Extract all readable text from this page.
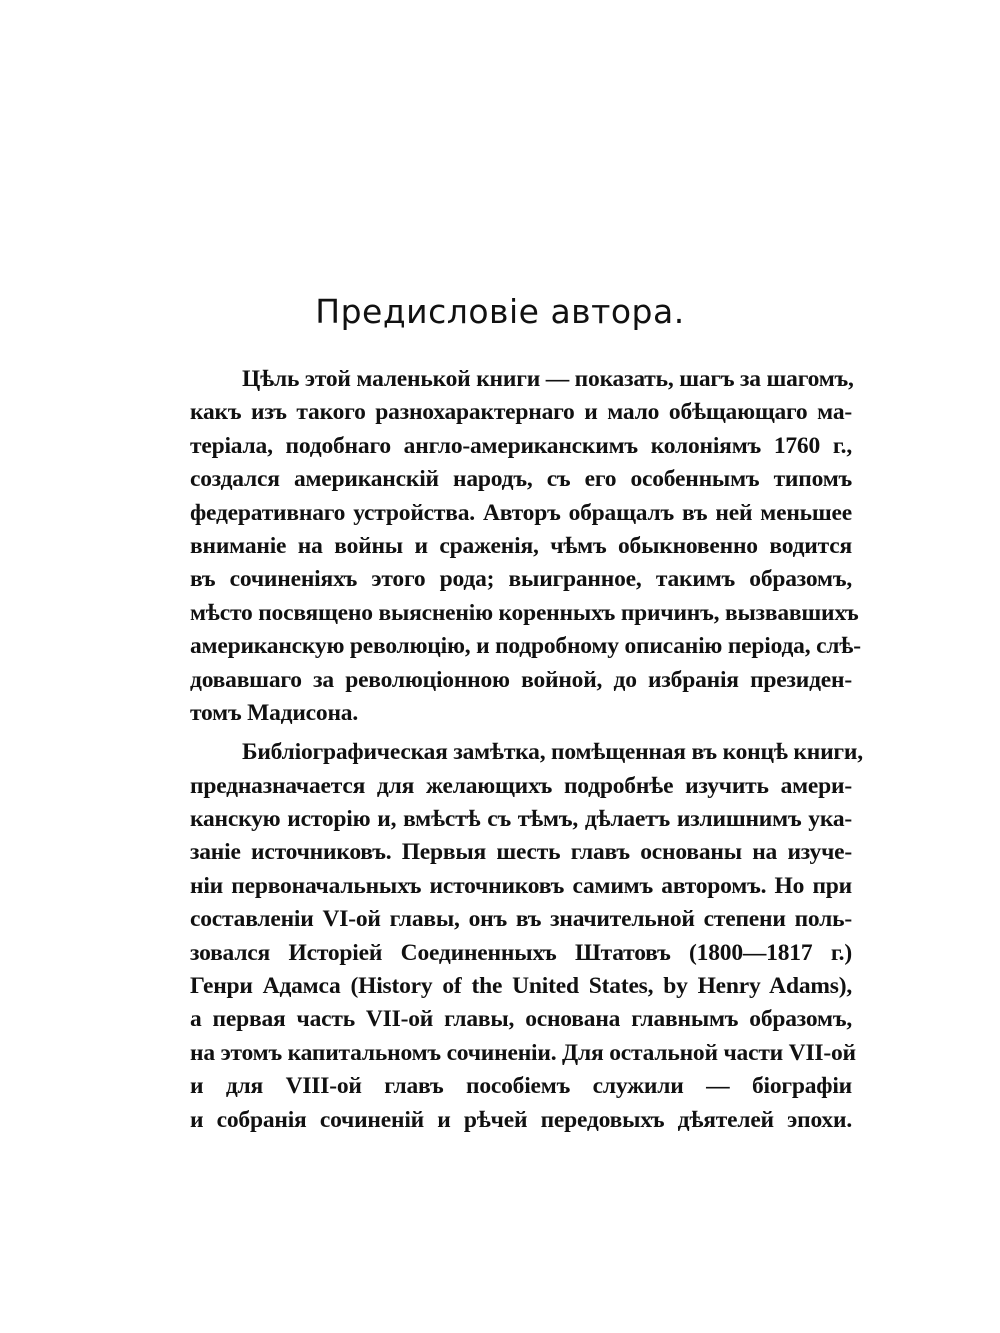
Предисловіе автора.
Цѣль этой маленькой книги — показать, шагъ за шагомъ,
какъ изъ такого разнохарактернаго и мало обѣщающаго ма-
теріала, подобнаго англо-американскимъ колоніямъ 1760 г.,
создался американскій народъ, съ его особеннымъ типомъ
федеративнаго устройства. Авторъ обращалъ въ ней меньшее
вниманіе на войны и сраженія, чѣмъ обыкновенно водится
въ сочиненіяхъ этого рода; выигранное, такимъ образомъ,
мѣсто посвящено выясненію коренныхъ причинъ, вызвавшихъ
американскую революцію, и подробному описанію періода, слѣ-
довавшаго за революціонною войной, до избранія президен-
томъ Мадисона.
Библіографическая замѣтка, помѣщенная въ концѣ книги,
предназначается для желающихъ подробнѣе изучить амери-
канскую исторію и, вмѣстѣ съ тѣмъ, дѣлаетъ излишнимъ ука-
заніе источниковъ. Первыя шесть главъ основаны на изуче-
ніи первоначальныхъ источниковъ самимъ авторомъ. Но при
составленіи VI-ой главы, онъ въ значительной степени поль-
зовался Исторіей Соединенныхъ Штатовъ (1800—1817 г.)
Генри Адамса (History of the United States, by Henry Adams),
а первая часть VII-ой главы, основана главнымъ образомъ,
на этомъ капитальномъ сочиненіи. Для остальной части VII-ой
и для VIII-ой главъ пособіемъ служили — біографіи
и собранія сочиненій и рѣчей передовыхъ дѣятелей эпохи.
